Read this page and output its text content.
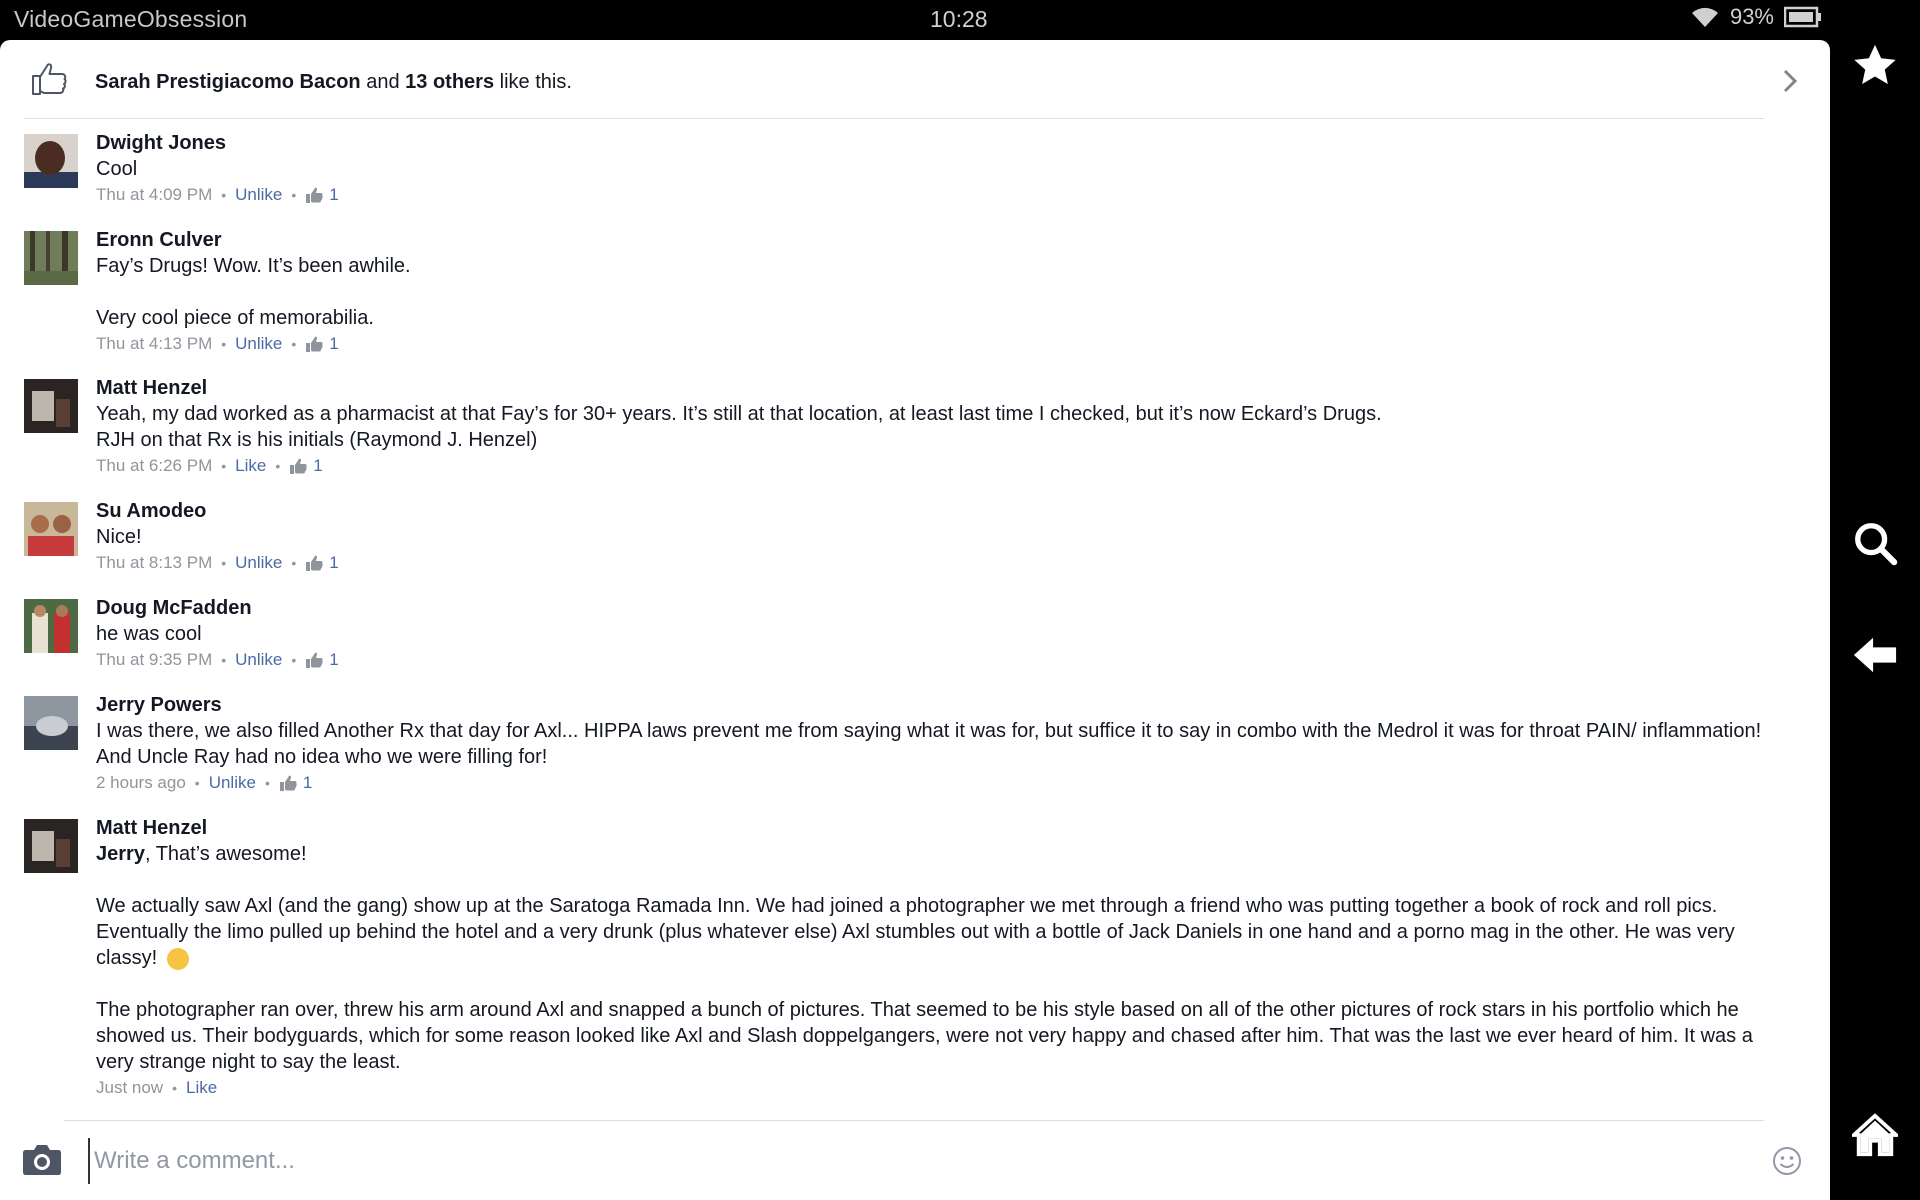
VideoGameObsession	10:28	93%
Sarah Prestigiacomo Bacon and 13 others like this.
Dwight Jones
Cool
Thu at 4:09 PM • Unlike • 1
Eronn Culver
Fay’s Drugs! Wow. It’s been awhile.
Very cool piece of memorabilia.
Thu at 4:13 PM • Unlike • 1
Matt Henzel
Yeah, my dad worked as a pharmacist at that Fay’s for 30+ years. It’s still at that location, at least last time I checked, but it’s now Eckard’s Drugs.
RJH on that Rx is his initials (Raymond J. Henzel)
Thu at 6:26 PM • Like • 1
Su Amodeo
Nice!
Thu at 8:13 PM • Unlike • 1
Doug McFadden
he was cool
Thu at 9:35 PM • Unlike • 1
Jerry Powers
I was there, we also filled Another Rx that day for Axl... HIPPA laws prevent me from saying what it was for, but suffice it to say in combo with the Medrol it was for throat PAIN/ inflammation! And Uncle Ray had no idea who we were filling for!
2 hours ago • Unlike • 1
Matt Henzel
Jerry, That’s awesome!
We actually saw Axl (and the gang) show up at the Saratoga Ramada Inn. We had joined a photographer we met through a friend who was putting together a book of rock and roll pics. Eventually the limo pulled up behind the hotel and a very drunk (plus whatever else) Axl stumbles out with a bottle of Jack Daniels in one hand and a porno mag in the other. He was very classy!
The photographer ran over, threw his arm around Axl and snapped a bunch of pictures. That seemed to be his style based on all of the other pictures of rock stars in his portfolio which he showed us. Their bodyguards, which for some reason looked like Axl and Slash doppelgangers, were not very happy and chased after him. That was the last we ever heard of him. It was a very strange night to say the least.
Just now • Like
Write a comment...
